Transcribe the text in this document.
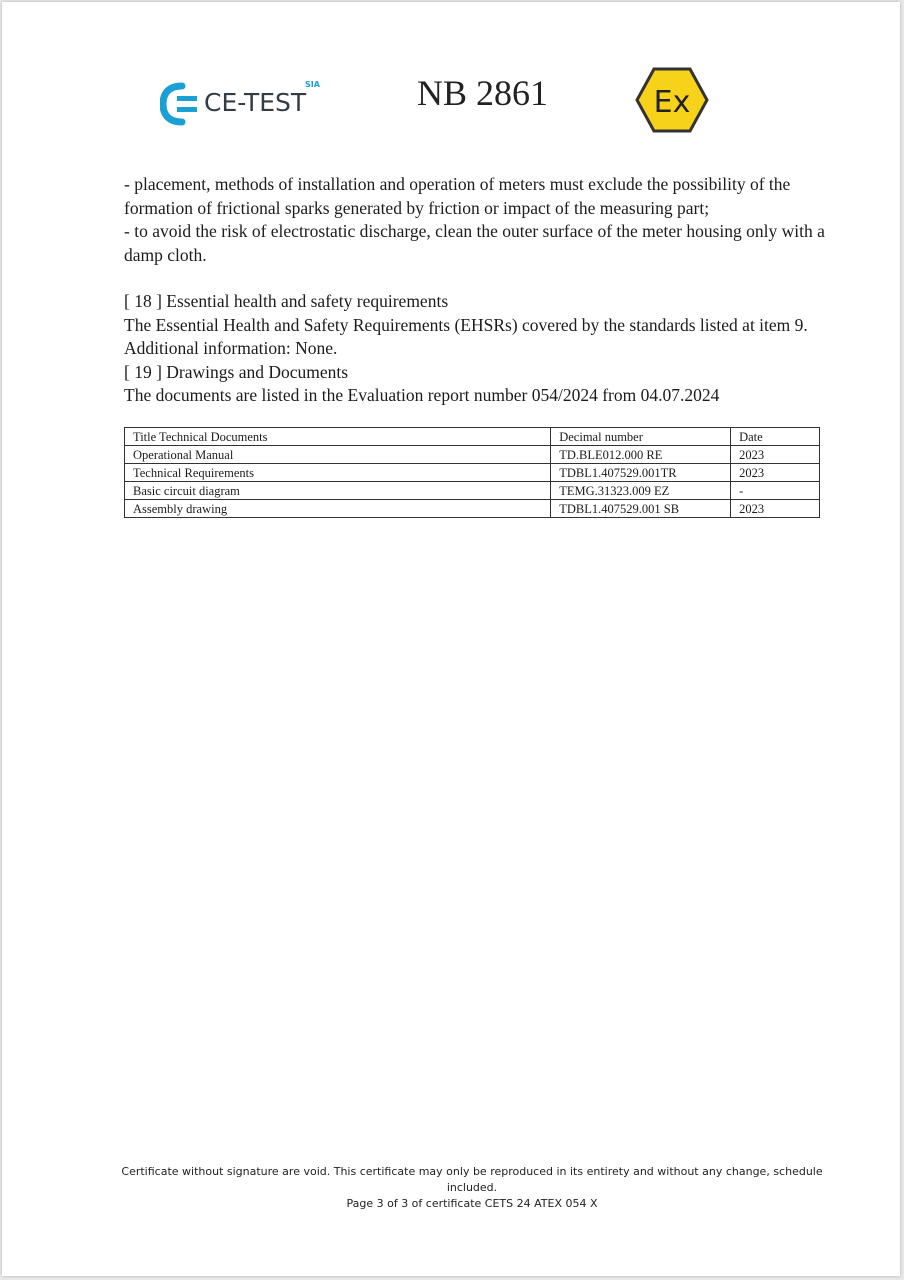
CE-TEST
SIA	NB 2861	Ex

- placement, methods of installation and operation of meters must exclude the possibility of the formation of frictional sparks generated by friction or impact of the measuring part;

- to avoid the risk of electrostatic discharge, clean the outer surface of the meter housing only with a damp cloth.

[ 18 ] Essential health and safety requirements

The Essential Health and Safety Requirements (EHSRs) covered by the standards listed at item 9.

Additional information: None.

[ 19 ] Drawings and Documents

The documents are listed in the Evaluation report number 054/2024 from 04.07.2024

Title Technical Documents	Decimal number	Date
Operational Manual	TD.BLE012.000 RE	2023
Technical Requirements	TDBL1.407529.001TR	2023
Basic circuit diagram	TEMG.31323.009 EZ	-
Assembly drawing	TDBL1.407529.001 SB	2023

Certificate without signature are void. This certificate may only be reproduced in its entirety and without any change, schedule included.

Page 3 of 3 of certificate CETS 24 ATEX 054 X
